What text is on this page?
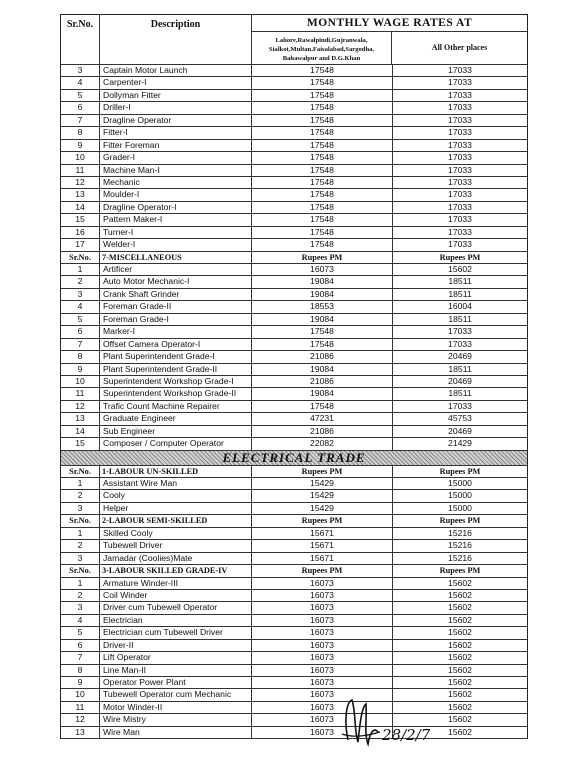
Sr.No.	Description	MONTHLY WAGE RATES AT
Lahore,Rawalpindi,Gujranwala, Sialkot,Multan,Faisalabad,Sargodha, Bahawalpur and D.G.Khan
All Other places
3	Captain Motor Launch	17548	17033
4	Carpenter-I	17548	17033
5	Dollyman Fitter	17548	17033
6	Driller-I	17548	17033
7	Dragline Operator	17548	17033
8	Fitter-I	17548	17033
9	Fitter Foreman	17548	17033
10	Grader-I	17548	17033
11	Machine Man-I	17548	17033
12	Mechanic	17548	17033
13	Moulder-I	17548	17033
14	Dragline Operator-I	17548	17033
15	Pattern Maker-I	17548	17033
16	Turner-I	17548	17033
17	Welder-I	17548	17033
Sr.No.	7-MISCELLANEOUS	Rupees PM	Rupees PM
1	Artificer	16073	15602
2	Auto Motor Mechanic-I	19084	18511
3	Crank Shaft Grinder	19084	18511
4	Foreman Grade-II	18553	16004
5	Foreman Grade-I	19084	18511
6	Marker-I	17548	17033
7	Offset Camera Operator-I	17548	17033
8	Plant Superintendent Grade-I	21086	20469
9	Plant Superintendent Grade-II	19084	18511
10	Superintendent Workshop Grade-I	21086	20469
11	Superintendent Workshop Grade-II	19084	18511
12	Trafic Count Machine Repairer	17548	17033
13	Graduate Engineer	47231	45753
14	Sub Engineer	21086	20469
15	Composer / Computer Operator	22082	21429
ELECTRICAL TRADE
Sr.No.	1-LABOUR UN-SKILLED	Rupees PM	Rupees PM
1	Assistant Wire Man	15429	15000
2	Cooly	15429	15000
3	Helper	15429	15000
Sr.No.	2-LABOUR SEMI-SKILLED	Rupees PM	Rupees PM
1	Skilled Cooly	15671	15216
2	Tubewell Driver	15671	15216
3	Jamadar (Coolies)Mate	15671	15216
Sr.No.	3-LABOUR SKILLED GRADE-IV	Rupees PM	Rupees PM
1	Armature Winder-III	16073	15602
2	Coil Winder	16073	15602
3	Driver cum Tubewell Operator	16073	15602
4	Electrician	16073	15602
5	Electrician cum Tubewell Driver	16073	15602
6	Driver-II	16073	15602
7	Lift Operator	16073	15602
8	Line Man-II	16073	15602
9	Operator Power Plant	16073	15602
10	Tubewell Operator cum Mechanic	16073	15602
11	Motor Winder-II	16073	15602
12	Wire Mistry	16073	15602
13	Wire Man	16073	15602
28/2/7
